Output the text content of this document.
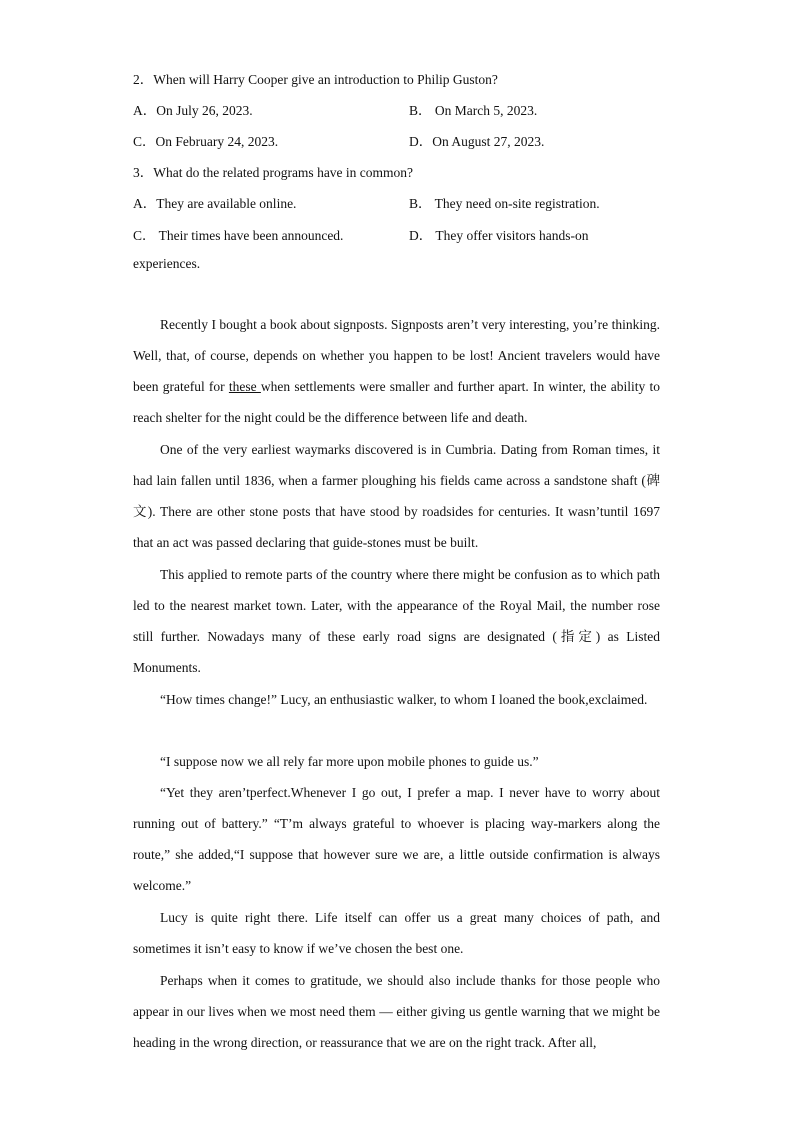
2．When will Harry Cooper give an introduction to Philip Guston?
A．On July 26, 2023.	B． On March 5, 2023.
C．On February 24, 2023.	D．On August 27, 2023.
3．What do the related programs have in common?
A．They are available online.	B． They need on-site registration.
C． Their times have been announced.	D． They offer visitors hands-on
experiences.

Recently I bought a book about signposts. Signposts aren’t very interesting, you’re thinking. Well, that, of course, depends on whether you happen to be lost! Ancient travelers would have been grateful for these when settlements were smaller and further apart. In winter, the ability to reach shelter for the night could be the difference between life and death.

One of the very earliest waymarks discovered is in Cumbria. Dating from Roman times, it had lain fallen until 1836, when a farmer ploughing his fields came across a sandstone shaft (碑文). There are other stone posts that have stood by roadsides for centuries. It wasn’tuntil 1697 that an act was passed declaring that guide-stones must be built.

This applied to remote parts of the country where there might be confusion as to which path led to the nearest market town. Later, with the appearance of the Royal Mail, the number rose still further. Nowadays many of these early road signs are designated (指定) as Listed Monuments.

“How times change!” Lucy, an enthusiastic walker, to whom I loaned the book,exclaimed.

“I suppose now we all rely far more upon mobile phones to guide us.”

“Yet they aren’tperfect.Whenever I go out, I prefer a map. I never have to worry about running out of battery.” “T’m always grateful to whoever is placing way-markers along the route,” she added,“I suppose that however sure we are, a little outside confirmation is always welcome.”

Lucy is quite right there. Life itself can offer us a great many choices of path, and sometimes it isn’t easy to know if we’ve chosen the best one.

Perhaps when it comes to gratitude, we should also include thanks for those people who appear in our lives when we most need them — either giving us gentle warning that we might be heading in the wrong direction, or reassurance that we are on the right track. After all,
